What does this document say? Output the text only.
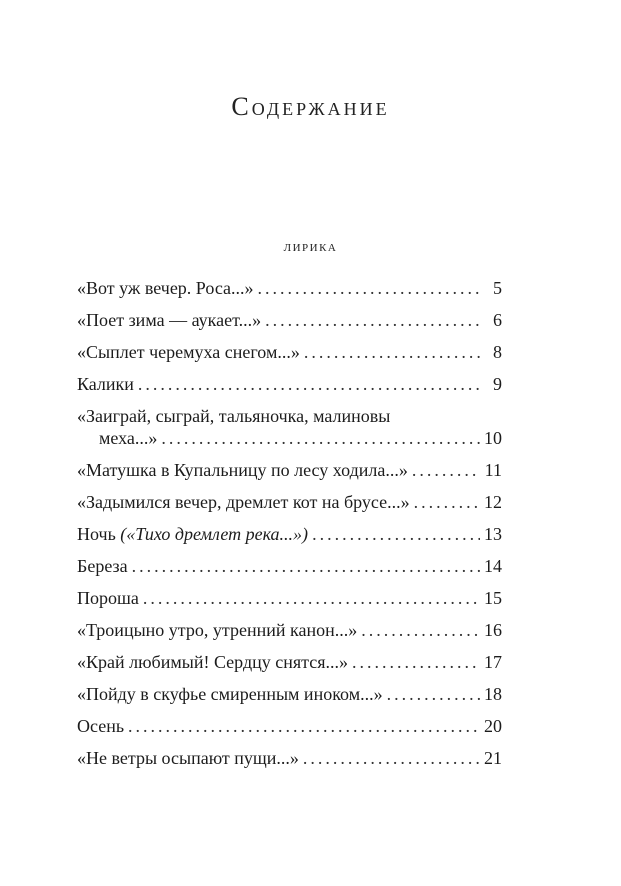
Содержание
лирика
«Вот уж вечер. Роса...» .....	5
«Поет зима — аукает...» .....	6
«Сыплет черемуха снегом...» .....	8
Калики .....	9
«Заиграй, сыграй, тальяночка, малиновы
меха...» .....	10
«Матушка в Купальницу по лесу ходила...» .....	11
«Задымился вечер, дремлет кот на брусе...» .....	12
Ночь («Тихо дремлет река...») .....	13
Береза .....	14
Пороша .....	15
«Троицыно утро, утренний канон...» .....	16
«Край любимый! Сердцу снятся...» .....	17
«Пойду в скуфье смиренным иноком...» .....	18
Осень .....	20
«Не ветры осыпают пущи...» .....	21
